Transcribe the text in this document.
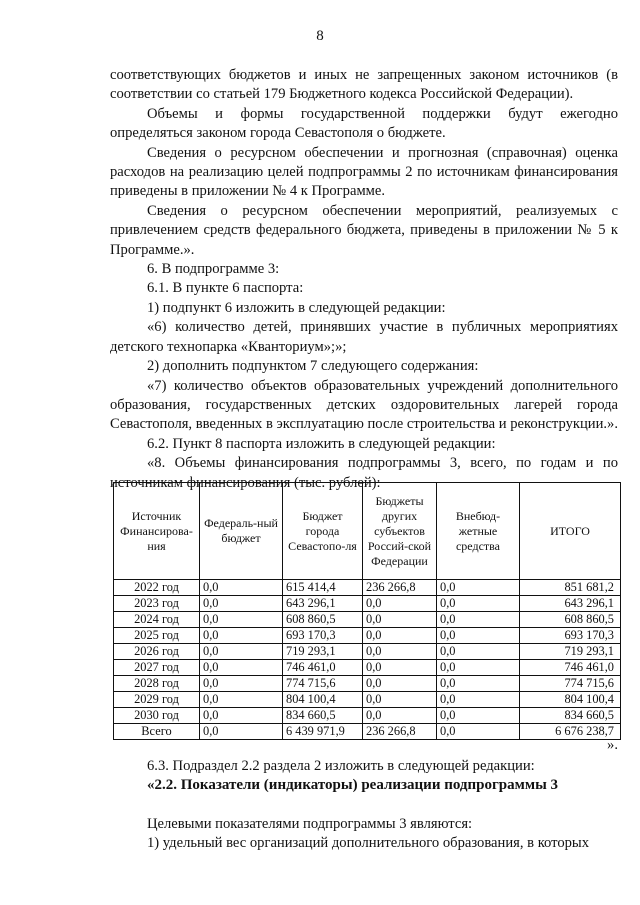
8

соответствующих бюджетов и иных не запрещенных законом источников (в соответствии со статьей 179 Бюджетного кодекса Российской Федерации).

Объемы и формы государственной поддержки будут ежегодно определяться законом города Севастополя о бюджете.

Сведения о ресурсном обеспечении и прогнозная (справочная) оценка расходов на реализацию целей подпрограммы 2 по источникам финансирования приведены в приложении № 4 к Программе.

Сведения о ресурсном обеспечении мероприятий, реализуемых с привлечением средств федерального бюджета, приведены в приложении № 5 к Программе.».

6. В подпрограмме 3:

6.1. В пункте 6 паспорта:

1) подпункт 6 изложить в следующей редакции:

«6) количество детей, принявших участие в публичных мероприятиях детского технопарка «Кванториум»;»;

2) дополнить подпунктом 7 следующего содержания:

«7) количество объектов образовательных учреждений дополнительного образования, государственных детских оздоровительных лагерей города Севастополя, введенных в эксплуатацию после строительства и реконструкции.».

6.2. Пункт 8 паспорта изложить в следующей редакции:

«8. Объемы финансирования подпрограммы 3, всего, по годам и по источникам финансирования (тыс. рублей):

Источник Финансирова-ния	Федераль-ный бюджет	Бюджет города Севастопо-ля	Бюджеты других субъектов Россий-ской Федерации	Внебюд-жетные средства	ИТОГО
2022 год	0,0	615 414,4	236 266,8	0,0	851 681,2
2023 год	0,0	643 296,1	0,0	0,0	643 296,1
2024 год	0,0	608 860,5	0,0	0,0	608 860,5
2025 год	0,0	693 170,3	0,0	0,0	693 170,3
2026 год	0,0	719 293,1	0,0	0,0	719 293,1
2027 год	0,0	746 461,0	0,0	0,0	746 461,0
2028 год	0,0	774 715,6	0,0	0,0	774 715,6
2029 год	0,0	804 100,4	0,0	0,0	804 100,4
2030 год	0,0	834 660,5	0,0	0,0	834 660,5
Всего	0,0	6 439 971,9	236 266,8	0,0	6 676 238,7
».

6.3. Подраздел 2.2 раздела 2 изложить в следующей редакции:

«2.2. Показатели (индикаторы) реализации подпрограммы 3

Целевыми показателями подпрограммы 3 являются:

1) удельный вес организаций дополнительного образования, в которых
